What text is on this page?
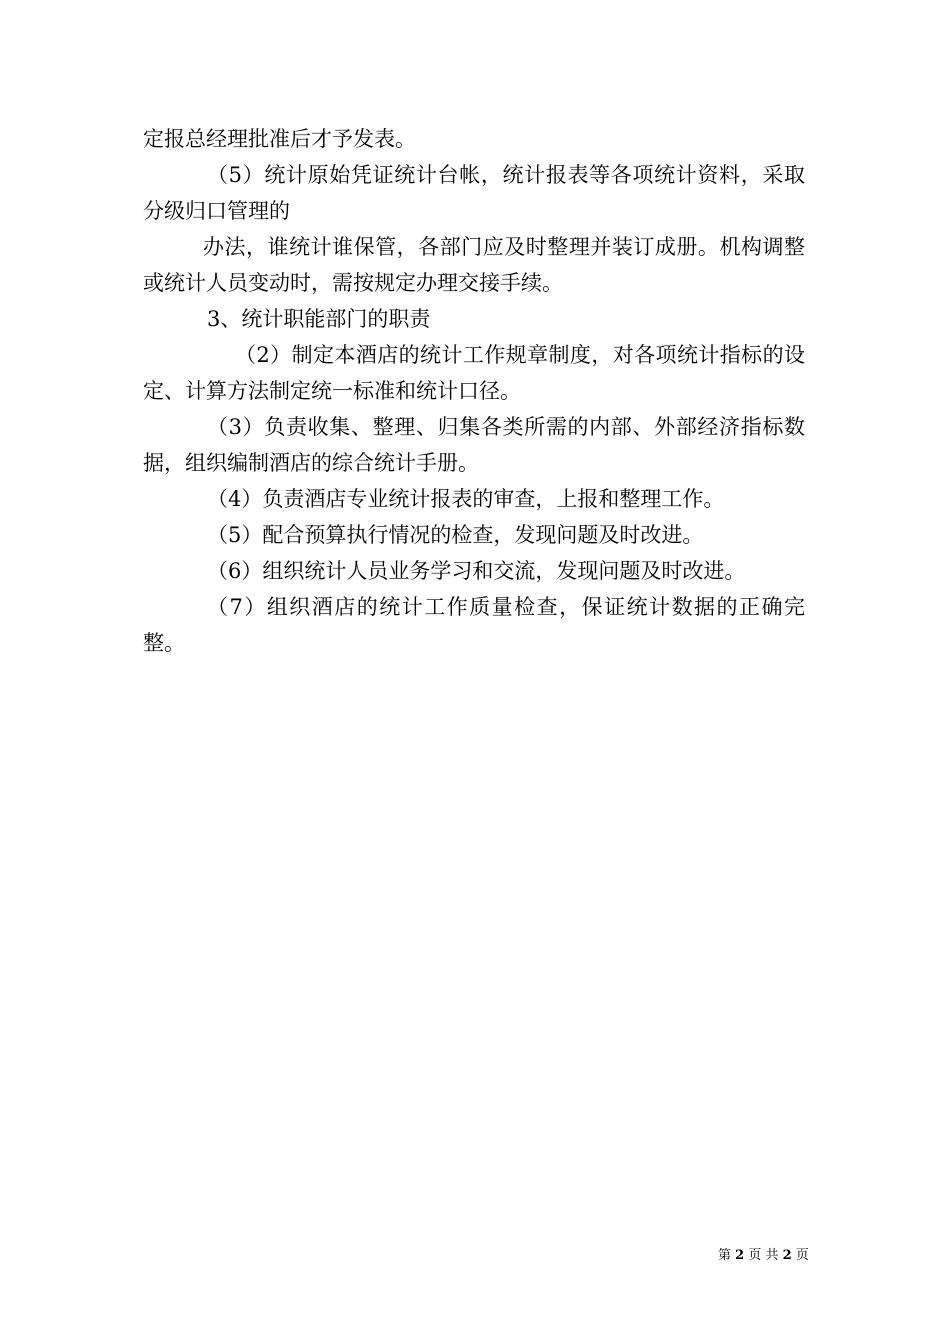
定报总经理批准后才予发表。

（5）统计原始凭证统计台帐，统计报表等各项统计资料，采取分级归口管理的

办法，谁统计谁保管，各部门应及时整理并装订成册。机构调整或统计人员变动时，需按规定办理交接手续。

3、统计职能部门的职责

（2）制定本酒店的统计工作规章制度，对各项统计指标的设定、计算方法制定统一标准和统计口径。

（3）负责收集、整理、归集各类所需的内部、外部经济指标数据，组织编制酒店的综合统计手册。

（4）负责酒店专业统计报表的审查，上报和整理工作。

（5）配合预算执行情况的检查，发现问题及时改进。

（6）组织统计人员业务学习和交流，发现问题及时改进。

（7）组织酒店的统计工作质量检查，保证统计数据的正确完整。

第 2 页 共 2 页
